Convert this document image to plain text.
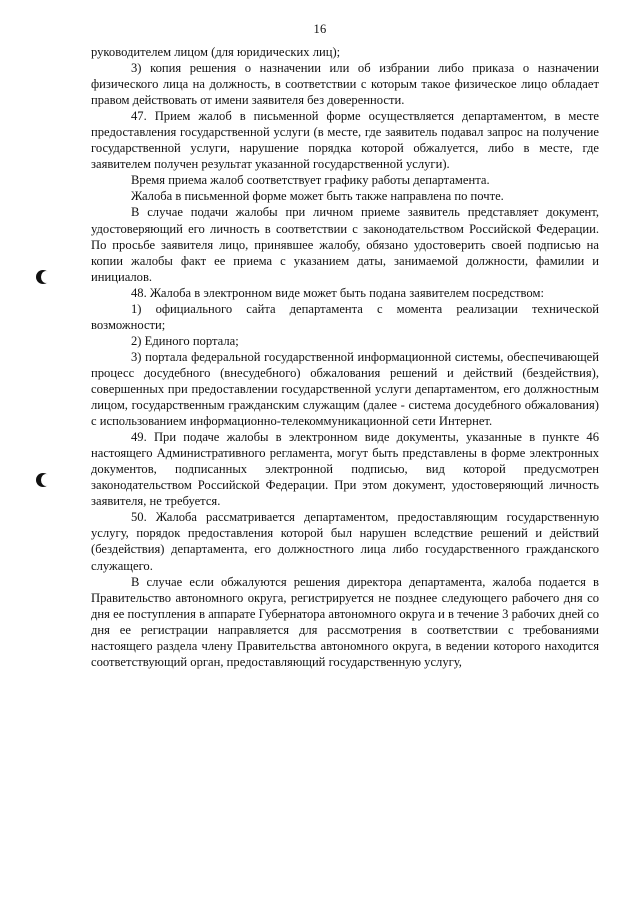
16

руководителем лицом (для юридических лиц);

3) копия решения о назначении или об избрании либо приказа о назначении физического лица на должность, в соответствии с которым такое физическое лицо обладает правом действовать от имени заявителя без доверенности.

47. Прием жалоб в письменной форме осуществляется департаментом, в месте предоставления государственной услуги (в месте, где заявитель подавал запрос на получение государственной услуги, нарушение порядка которой обжалуется, либо в месте, где заявителем получен результат указанной государственной услуги).

Время приема жалоб соответствует графику работы департамента.

Жалоба в письменной форме может быть также направлена по почте.

В случае подачи жалобы при личном приеме заявитель представляет документ, удостоверяющий его личность в соответствии с законодательством Российской Федерации. По просьбе заявителя лицо, принявшее жалобу, обязано удостоверить своей подписью на копии жалобы факт ее приема с указанием даты, занимаемой должности, фамилии и инициалов.

48. Жалоба в электронном виде может быть подана заявителем посредством:

1) официального сайта департамента с момента реализации технической возможности;

2) Единого портала;

3) портала федеральной государственной информационной системы, обеспечивающей процесс досудебного (внесудебного) обжалования решений и действий (бездействия), совершенных при предоставлении государственной услуги департаментом, его должностным лицом, государственным гражданским служащим (далее - система досудебного обжалования) с использованием информационно-телекоммуникационной сети Интернет.

49. При подаче жалобы в электронном виде документы, указанные в пункте 46 настоящего Административного регламента, могут быть представлены в форме электронных документов, подписанных электронной подписью, вид которой предусмотрен законодательством Российской Федерации. При этом документ, удостоверяющий личность заявителя, не требуется.

50. Жалоба рассматривается департаментом, предоставляющим государственную услугу, порядок предоставления которой был нарушен вследствие решений и действий (бездействия) департамента, его должностного лица либо государственного гражданского служащего.

В случае если обжалуются решения директора департамента, жалоба подается в Правительство автономного округа, регистрируется не позднее следующего рабочего дня со дня ее поступления в аппарате Губернатора автономного округа и в течение 3 рабочих дней со дня ее регистрации направляется для рассмотрения в соответствии с требованиями настоящего раздела члену Правительства автономного округа, в ведении которого находится соответствующий орган, предоставляющий государственную услугу,
